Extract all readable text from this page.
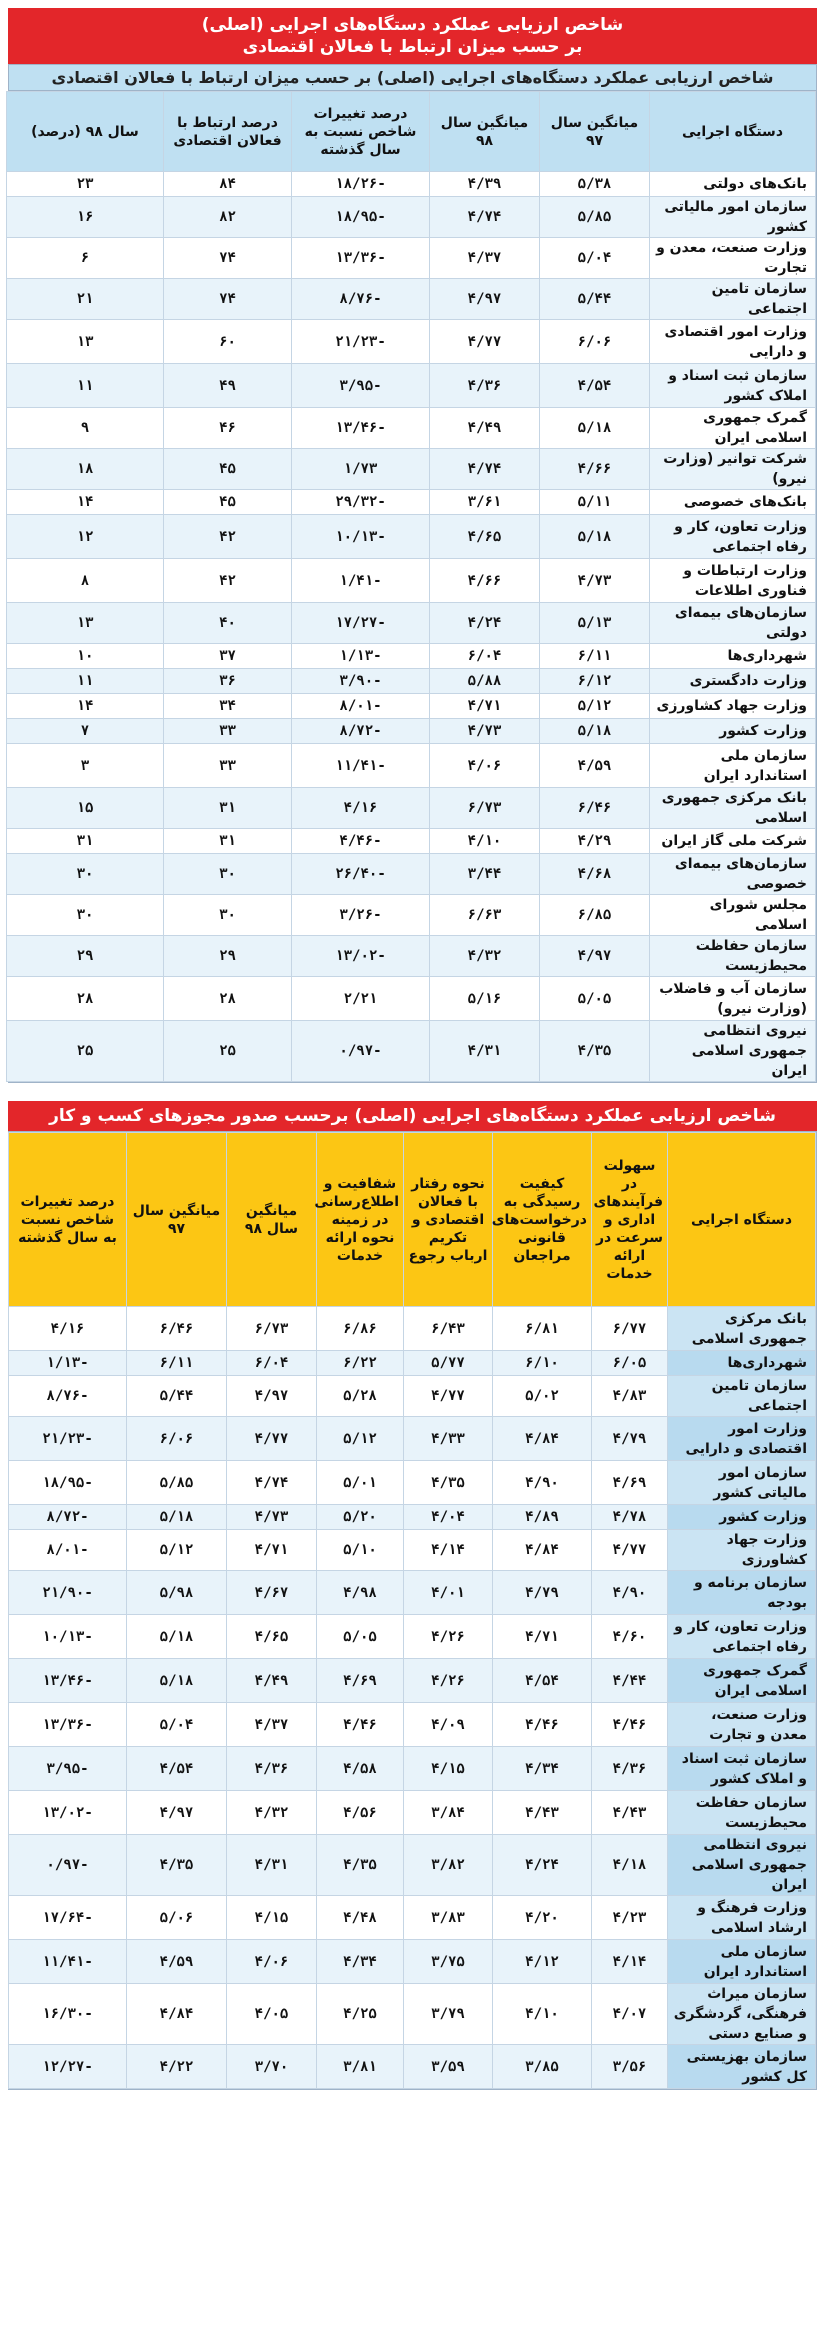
شاخص ارزیابی عملکرد دستگاه‌های اجرایی (اصلی)
بر حسب میزان ارتباط با فعالان اقتصادی
شاخص ارزیابی عملکرد دستگاه‌های اجرایی (اصلی) بر حسب میزان ارتباط با فعالان اقتصادی
دستگاه اجرایی	میانگین سال ۹۷	میانگین سال ۹۸	درصد تغییرات شاخص نسبت به سال گذشته	درصد ارتباط با فعالان اقتصادی	سال ۹۸ (درصد)
بانک‌های دولتی	۵/۳۸	۴/۳۹	-۱۸/۲۶	۸۴	۲۳
سازمان امور مالیاتی کشور	۵/۸۵	۴/۷۴	-۱۸/۹۵	۸۲	۱۶
وزارت صنعت، معدن و تجارت	۵/۰۴	۴/۳۷	-۱۳/۳۶	۷۴	۶
سازمان تامین اجتماعی	۵/۴۴	۴/۹۷	-۸/۷۶	۷۴	۲۱
وزارت امور اقتصادی و دارایی	۶/۰۶	۴/۷۷	-۲۱/۲۳	۶۰	۱۳
سازمان ثبت اسناد و املاک کشور	۴/۵۴	۴/۳۶	-۳/۹۵	۴۹	۱۱
گمرک جمهوری اسلامی ایران	۵/۱۸	۴/۴۹	-۱۳/۴۶	۴۶	۹
شرکت توانیر (وزارت نیرو)	۴/۶۶	۴/۷۴	۱/۷۳	۴۵	۱۸
بانک‌های خصوصی	۵/۱۱	۳/۶۱	-۲۹/۳۲	۴۵	۱۴
وزارت تعاون، کار و رفاه اجتماعی	۵/۱۸	۴/۶۵	-۱۰/۱۳	۴۲	۱۲
وزارت ارتباطات و فناوری اطلاعات	۴/۷۳	۴/۶۶	-۱/۴۱	۴۲	۸
سازمان‌های بیمه‌ای دولتی	۵/۱۳	۴/۲۴	-۱۷/۲۷	۴۰	۱۳
شهرداری‌ها	۶/۱۱	۶/۰۴	-۱/۱۳	۳۷	۱۰
وزارت دادگستری	۶/۱۲	۵/۸۸	-۳/۹۰	۳۶	۱۱
وزارت جهاد کشاورزی	۵/۱۲	۴/۷۱	-۸/۰۱	۳۴	۱۴
وزارت کشور	۵/۱۸	۴/۷۳	-۸/۷۲	۳۳	۷
سازمان ملی استاندارد ایران	۴/۵۹	۴/۰۶	-۱۱/۴۱	۳۳	۳
بانک مرکزی جمهوری اسلامی	۶/۴۶	۶/۷۳	۴/۱۶	۳۱	۱۵
شرکت ملی گاز ایران	۴/۲۹	۴/۱۰	-۴/۴۶	۳۱	۳۱
سازمان‌های بیمه‌ای خصوصی	۴/۶۸	۳/۴۴	-۲۶/۴۰	۳۰	۳۰
مجلس شورای اسلامی	۶/۸۵	۶/۶۳	-۳/۲۶	۳۰	۳۰
سازمان حفاظت محیط‌زیست	۴/۹۷	۴/۳۲	-۱۳/۰۲	۲۹	۲۹
سازمان آب و فاضلاب (وزارت نیرو)	۵/۰۵	۵/۱۶	۲/۲۱	۲۸	۲۸
نیروی انتظامی جمهوری اسلامی ایران	۴/۳۵	۴/۳۱	-۰/۹۷	۲۵	۲۵
شاخص ارزیابی عملکرد دستگاه‌های اجرایی (اصلی) برحسب صدور مجوزهای کسب و کار
دستگاه اجرایی	سهولت در فرآیندهای اداری و سرعت در ارائه خدمات	کیفیت رسیدگی به درخواست‌های قانونی مراجعان	نحوه رفتار با فعالان اقتصادی و تکریم ارباب رجوع	شفافیت و اطلاع‌رسانی در زمینه نحوه ارائه خدمات	میانگین سال ۹۸	میانگین سال ۹۷	درصد تغییرات شاخص نسبت به سال گذشته
بانک مرکزی جمهوری اسلامی	۶/۷۷	۶/۸۱	۶/۴۳	۶/۸۶	۶/۷۳	۶/۴۶	۴/۱۶
شهرداری‌ها	۶/۰۵	۶/۱۰	۵/۷۷	۶/۲۲	۶/۰۴	۶/۱۱	-۱/۱۳
سازمان تامین اجتماعی	۴/۸۳	۵/۰۲	۴/۷۷	۵/۲۸	۴/۹۷	۵/۴۴	-۸/۷۶
وزارت امور اقتصادی و دارایی	۴/۷۹	۴/۸۴	۴/۳۳	۵/۱۲	۴/۷۷	۶/۰۶	-۲۱/۲۳
سازمان امور مالیاتی کشور	۴/۶۹	۴/۹۰	۴/۳۵	۵/۰۱	۴/۷۴	۵/۸۵	-۱۸/۹۵
وزارت کشور	۴/۷۸	۴/۸۹	۴/۰۴	۵/۲۰	۴/۷۳	۵/۱۸	-۸/۷۲
وزارت جهاد کشاورزی	۴/۷۷	۴/۸۴	۴/۱۴	۵/۱۰	۴/۷۱	۵/۱۲	-۸/۰۱
سازمان برنامه و بودجه	۴/۹۰	۴/۷۹	۴/۰۱	۴/۹۸	۴/۶۷	۵/۹۸	-۲۱/۹۰
وزارت تعاون، کار و رفاه اجتماعی	۴/۶۰	۴/۷۱	۴/۲۶	۵/۰۵	۴/۶۵	۵/۱۸	-۱۰/۱۳
گمرک جمهوری اسلامی ایران	۴/۴۴	۴/۵۴	۴/۲۶	۴/۶۹	۴/۴۹	۵/۱۸	-۱۳/۴۶
وزارت صنعت، معدن و تجارت	۴/۴۶	۴/۴۶	۴/۰۹	۴/۴۶	۴/۳۷	۵/۰۴	-۱۳/۳۶
سازمان ثبت اسناد و املاک کشور	۴/۳۶	۴/۳۴	۴/۱۵	۴/۵۸	۴/۳۶	۴/۵۴	-۳/۹۵
سازمان حفاظت محیط‌زیست	۴/۴۳	۴/۴۳	۳/۸۴	۴/۵۶	۴/۳۲	۴/۹۷	-۱۳/۰۲
نیروی انتظامی جمهوری اسلامی ایران	۴/۱۸	۴/۲۴	۳/۸۲	۴/۳۵	۴/۳۱	۴/۳۵	-۰/۹۷
وزارت فرهنگ و ارشاد اسلامی	۴/۲۳	۴/۲۰	۳/۸۳	۴/۴۸	۴/۱۵	۵/۰۶	-۱۷/۶۴
سازمان ملی استاندارد ایران	۴/۱۴	۴/۱۲	۳/۷۵	۴/۳۴	۴/۰۶	۴/۵۹	-۱۱/۴۱
سازمان میراث فرهنگی، گردشگری و صنایع دستی	۴/۰۷	۴/۱۰	۳/۷۹	۴/۲۵	۴/۰۵	۴/۸۴	-۱۶/۳۰
سازمان بهزیستی کل کشور	۳/۵۶	۳/۸۵	۳/۵۹	۳/۸۱	۳/۷۰	۴/۲۲	-۱۲/۲۷
